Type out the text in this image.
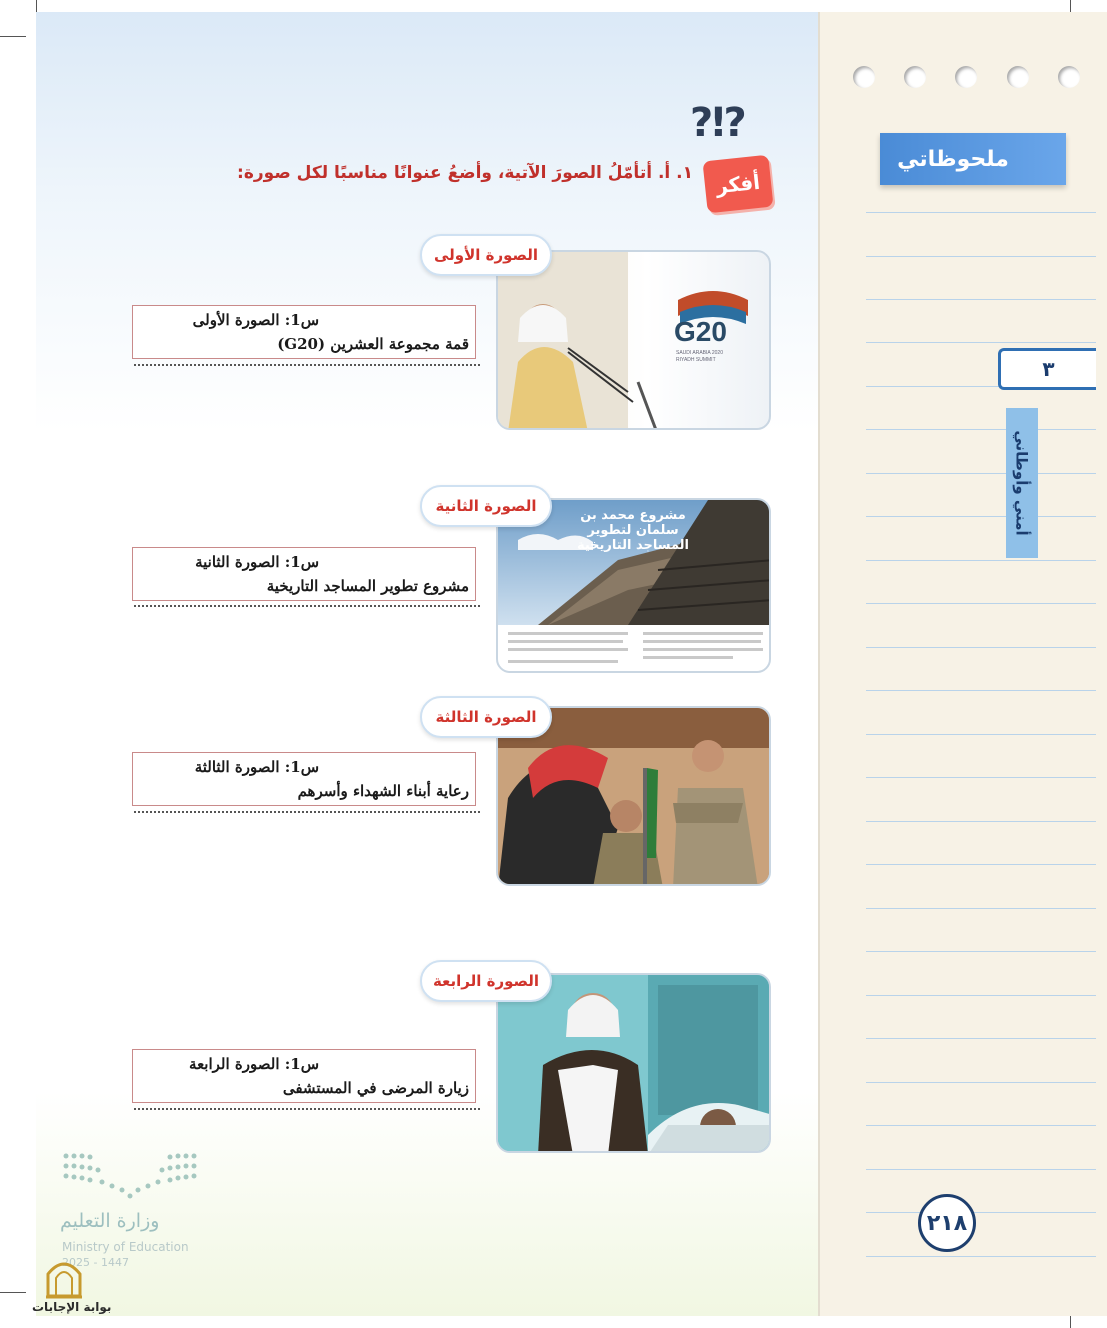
ملحوظاتي
٣
أمني وأوطاني
٢١٨
?!?
أفكر
١. أ. أتأمّلُ الصورَ الآتية، وأضعُ عنوانًا مناسبًا لكل صورة:
G20
SAUDI ARABIA 2020
RIYADH SUMMIT
الصورة الأولى
س1: الصورة الأولى
قمة مجموعة العشرين (G20)
مشروع محمد بن سلمان لتطوير المساجد التاريخية
الصورة الثانية
س1: الصورة الثانية
مشروع تطوير المساجد التاريخية
الصورة الثالثة
س1: الصورة الثالثة
رعاية أبناء الشهداء وأسرهم
الصورة الرابعة
س1: الصورة الرابعة
زيارة المرضى في المستشفى
وزارة التعليم
Ministry of Education
2025 - 1447
بوابة الإجابات
